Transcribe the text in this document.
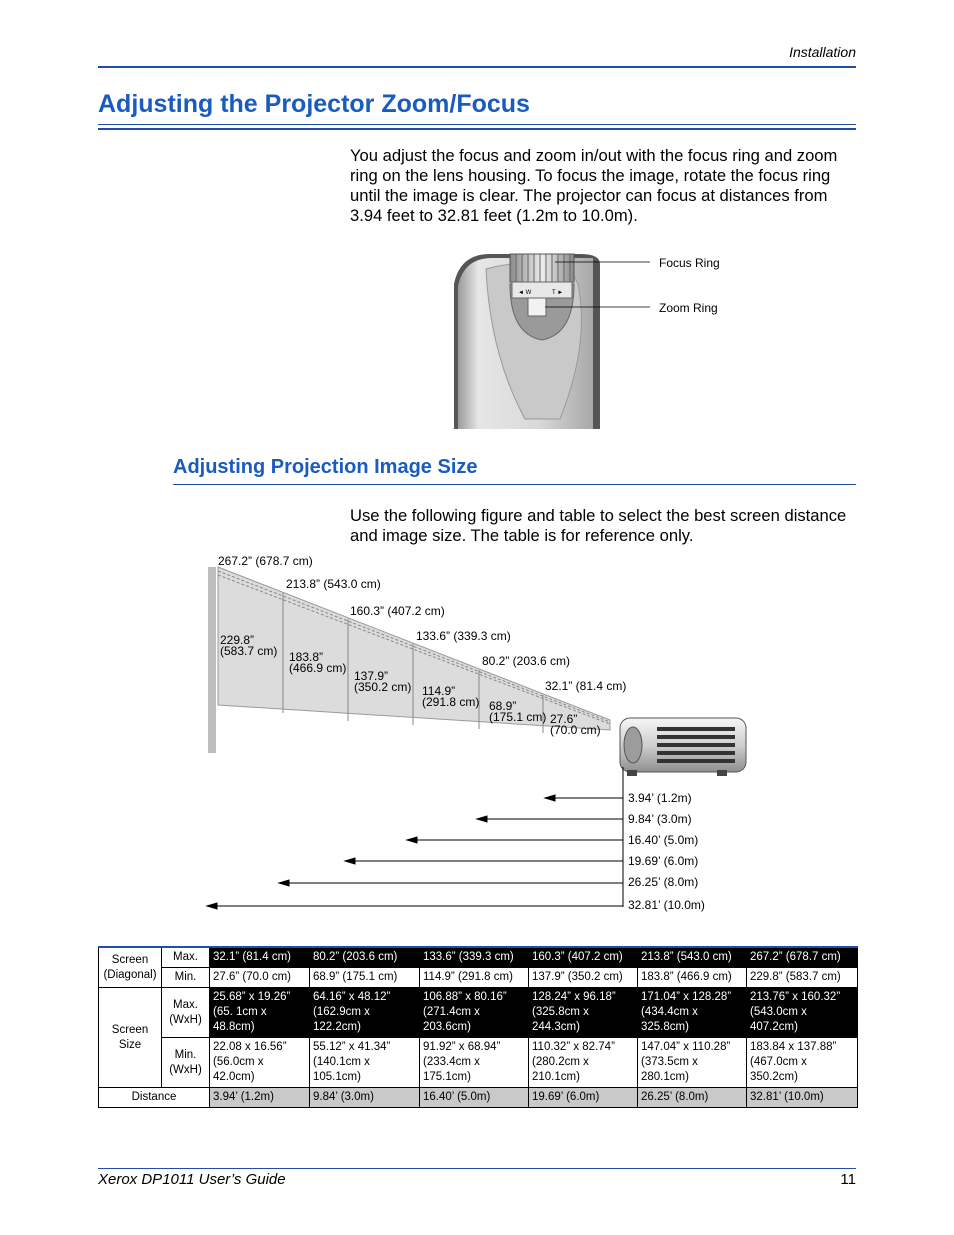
Installation
Adjusting the Projector Zoom/Focus
You adjust the focus and zoom in/out with the focus ring and zoom ring on the lens housing. To focus the image, rotate the focus ring until the image is clear. The projector can focus at distances from 3.94 feet to 32.81 feet (1.2m to 10.0m).
◄ W	T ►
Focus Ring
Zoom Ring
Adjusting Projection Image Size
Use the following figure and table to select the best screen distance and image size. The table is for reference only.
267.2” (678.7 cm)
213.8” (543.0 cm)
160.3” (407.2 cm)
133.6” (339.3 cm)
80.2” (203.6 cm)
32.1” (81.4 cm)
229.8”
(583.7 cm) 183.8”
(466.9 cm)
137.9”
(350.2 cm) 114.9”
(291.8 cm) 68.9”
(175.1 cm) 27.6”
(70.0 cm)
3.94’ (1.2m)
9.84’ (3.0m)
16.40’ (5.0m)
19.69’ (6.0m)
26.25’ (8.0m)
32.81’ (10.0m)
Screen (Diagonal)	Max.	32.1” (81.4 cm)	80.2” (203.6 cm)	133.6” (339.3 cm)	160.3” (407.2 cm)	213.8” (543.0 cm)	267.2” (678.7 cm)
	Min.	27.6” (70.0 cm)	68.9” (175.1 cm)	114.9” (291.8 cm)	137.9” (350.2 cm)	183.8” (466.9 cm)	229.8” (583.7 cm)
Screen Size	Max. (WxH)	25.68” x 19.26” (65. 1cm x 48.8cm)	64.16” x 48.12” (162.9cm x 122.2cm)	106.88” x 80.16” (271.4cm x 203.6cm)	128.24” x 96.18” (325.8cm x 244.3cm)	171.04” x 128.28” (434.4cm x 325.8cm)	213.76” x 160.32” (543.0cm x 407.2cm)
	Min. (WxH)	22.08 x 16.56” (56.0cm x 42.0cm)	55.12” x 41.34” (140.1cm x 105.1cm)	91.92” x 68.94” (233.4cm x 175.1cm)	110.32” x 82.74” (280.2cm x 210.1cm)	147.04” x 110.28” (373.5cm x 280.1cm)	183.84 x 137.88” (467.0cm x 350.2cm)
Distance		3.94’ (1.2m)	9.84’ (3.0m)	16.40’ (5.0m)	19.69’ (6.0m)	26.25’ (8.0m)	32.81’ (10.0m)
Xerox DP1011 User’s Guide	11
